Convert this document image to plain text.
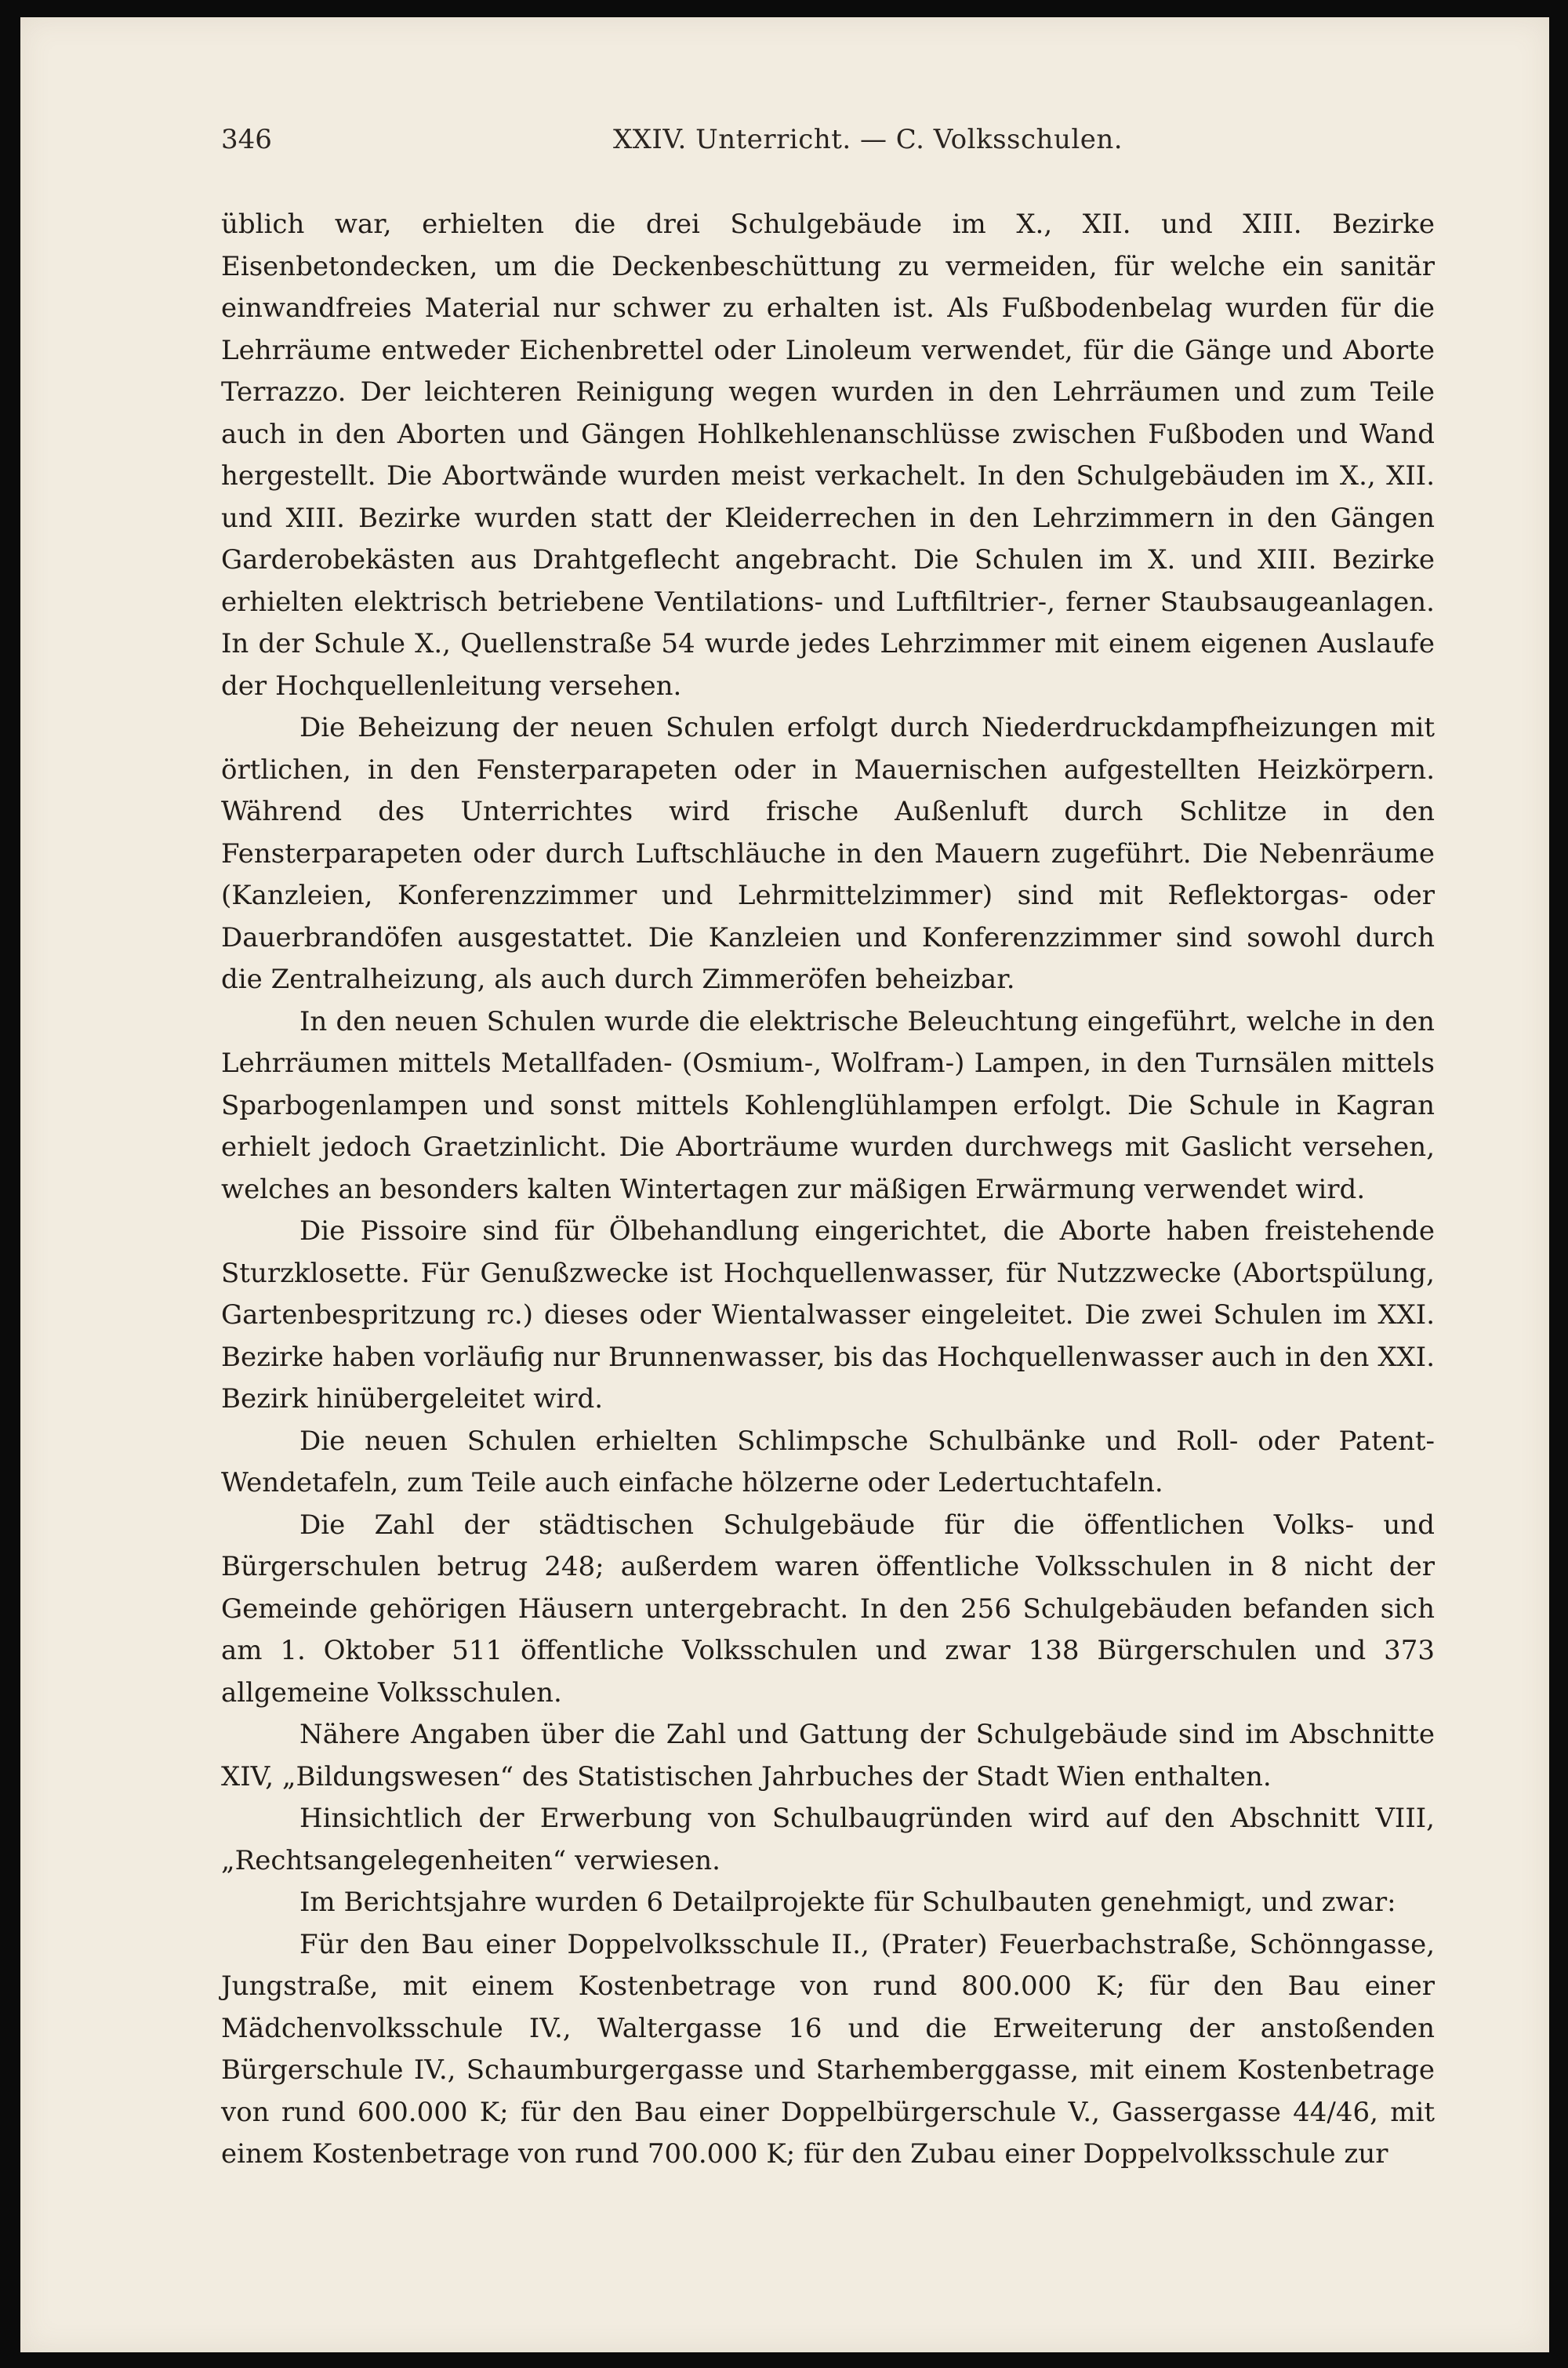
346	XXIV. Unterricht. — C. Volksschulen.

üblich war, erhielten die drei Schulgebäude im X., XII. und XIII. Bezirke Eisenbetondecken, um die Deckenbeschüttung zu vermeiden, für welche ein sanitär einwandfreies Material nur schwer zu erhalten ist. Als Fußbodenbelag wurden für die Lehrräume entweder Eichenbrettel oder Linoleum verwendet, für die Gänge und Aborte Terrazzo. Der leichteren Reinigung wegen wurden in den Lehrräumen und zum Teile auch in den Aborten und Gängen Hohlkehlenanschlüsse zwischen Fußboden und Wand hergestellt. Die Abortwände wurden meist verkachelt. In den Schulgebäuden im X., XII. und XIII. Bezirke wurden statt der Kleiderrechen in den Lehrzimmern in den Gängen Garderobekästen aus Drahtgeflecht angebracht. Die Schulen im X. und XIII. Bezirke erhielten elektrisch betriebene Ventilations- und Luftfiltrier-, ferner Staubsaugeanlagen. In der Schule X., Quellenstraße 54 wurde jedes Lehrzimmer mit einem eigenen Auslaufe der Hochquellenleitung versehen.

Die Beheizung der neuen Schulen erfolgt durch Niederdruckdampfheizungen mit örtlichen, in den Fensterparapeten oder in Mauernischen aufgestellten Heizkörpern. Während des Unterrichtes wird frische Außenluft durch Schlitze in den Fensterparapeten oder durch Luftschläuche in den Mauern zugeführt. Die Nebenräume (Kanzleien, Konferenzzimmer und Lehrmittelzimmer) sind mit Reflektorgas- oder Dauerbrandöfen ausgestattet. Die Kanzleien und Konferenzzimmer sind sowohl durch die Zentralheizung, als auch durch Zimmeröfen beheizbar.

In den neuen Schulen wurde die elektrische Beleuchtung eingeführt, welche in den Lehrräumen mittels Metallfaden- (Osmium-, Wolfram-) Lampen, in den Turnsälen mittels Sparbogenlampen und sonst mittels Kohlenglühlampen erfolgt. Die Schule in Kagran erhielt jedoch Graetzinlicht. Die Aborträume wurden durchwegs mit Gaslicht versehen, welches an besonders kalten Wintertagen zur mäßigen Erwärmung verwendet wird.

Die Pissoire sind für Ölbehandlung eingerichtet, die Aborte haben freistehende Sturzklosette. Für Genußzwecke ist Hochquellenwasser, für Nutzzwecke (Abortspülung, Gartenbespritzung rc.) dieses oder Wientalwasser eingeleitet. Die zwei Schulen im XXI. Bezirke haben vorläufig nur Brunnenwasser, bis das Hochquellenwasser auch in den XXI. Bezirk hinübergeleitet wird.

Die neuen Schulen erhielten Schlimpsche Schulbänke und Roll- oder Patent-Wendetafeln, zum Teile auch einfache hölzerne oder Ledertuchtafeln.

Die Zahl der städtischen Schulgebäude für die öffentlichen Volks- und Bürgerschulen betrug 248; außerdem waren öffentliche Volksschulen in 8 nicht der Gemeinde gehörigen Häusern untergebracht. In den 256 Schulgebäuden befanden sich am 1. Oktober 511 öffentliche Volksschulen und zwar 138 Bürgerschulen und 373 allgemeine Volksschulen.

Nähere Angaben über die Zahl und Gattung der Schulgebäude sind im Abschnitte XIV, „Bildungswesen“ des Statistischen Jahrbuches der Stadt Wien enthalten.

Hinsichtlich der Erwerbung von Schulbaugründen wird auf den Abschnitt VIII, „Rechtsangelegenheiten“ verwiesen.

Im Berichtsjahre wurden 6 Detailprojekte für Schulbauten genehmigt, und zwar:

Für den Bau einer Doppelvolksschule II., (Prater) Feuerbachstraße, Schönngasse, Jungstraße, mit einem Kostenbetrage von rund 800.000 K; für den Bau einer Mädchenvolksschule IV., Waltergasse 16 und die Erweiterung der anstoßenden Bürgerschule IV., Schaumburgergasse und Starhemberggasse, mit einem Kostenbetrage von rund 600.000 K; für den Bau einer Doppelbürgerschule V., Gassergasse 44/46, mit einem Kostenbetrage von rund 700.000 K; für den Zubau einer Doppelvolksschule zur
